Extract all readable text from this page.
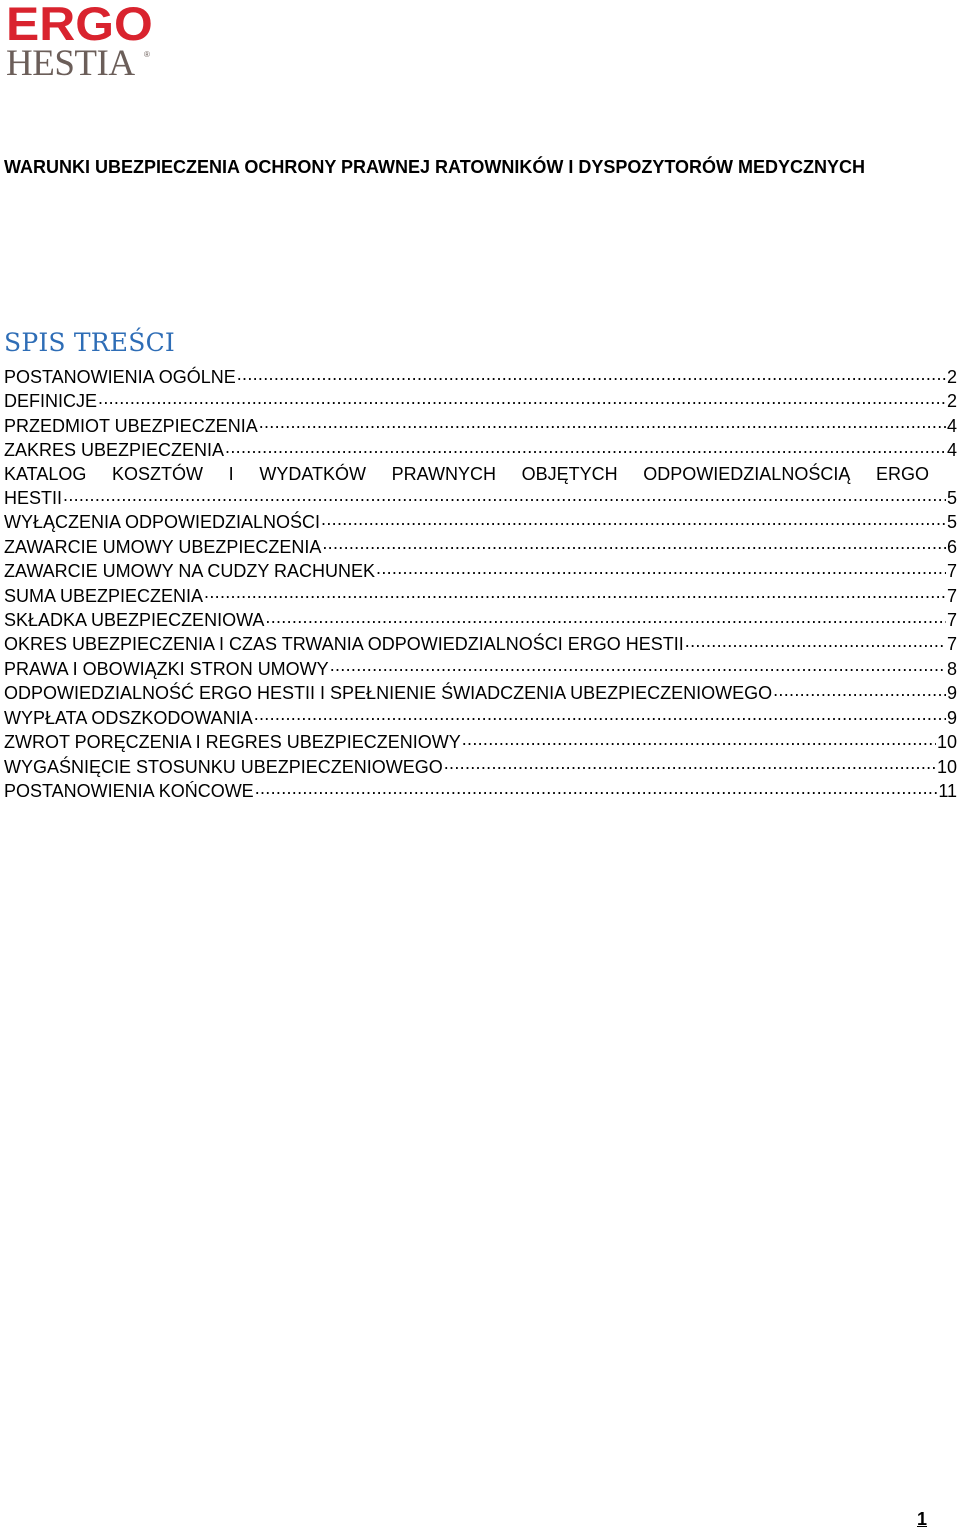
ERGO
HESTIA	®
WARUNKI UBEZPIECZENIA OCHRONY PRAWNEJ RATOWNIKÓW I DYSPOZYTORÓW MEDYCZNYCH
SPIS TREŚCI
POSTANOWIENIA OGÓLNE .....	2
DEFINICJE .....	2
PRZEDMIOT UBEZPIECZENIA .....	4
ZAKRES UBEZPIECZENIA .....	4
KATALOG KOSZTÓW I WYDATKÓW PRAWNYCH OBJĘTYCH ODPOWIEDZIALNOŚCIĄ ERGO
HESTII .....	5
WYŁĄCZENIA ODPOWIEDZIALNOŚCI .....	5
ZAWARCIE UMOWY UBEZPIECZENIA .....	6
ZAWARCIE UMOWY NA CUDZY RACHUNEK .....	7
SUMA UBEZPIECZENIA .....	7
SKŁADKA UBEZPIECZENIOWA .....	7
OKRES UBEZPIECZENIA I CZAS TRWANIA ODPOWIEDZIALNOŚCI ERGO HESTII .....	7
PRAWA I OBOWIĄZKI STRON UMOWY .....	8
ODPOWIEDZIALNOŚĆ ERGO HESTII I SPEŁNIENIE ŚWIADCZENIA UBEZPIECZENIOWEGO .....	9
WYPŁATA ODSZKODOWANIA .....	9
ZWROT PORĘCZENIA I REGRES UBEZPIECZENIOWY .....	10
WYGAŚNIĘCIE STOSUNKU UBEZPIECZENIOWEGO .....	10
POSTANOWIENIA KOŃCOWE .....	11
1
